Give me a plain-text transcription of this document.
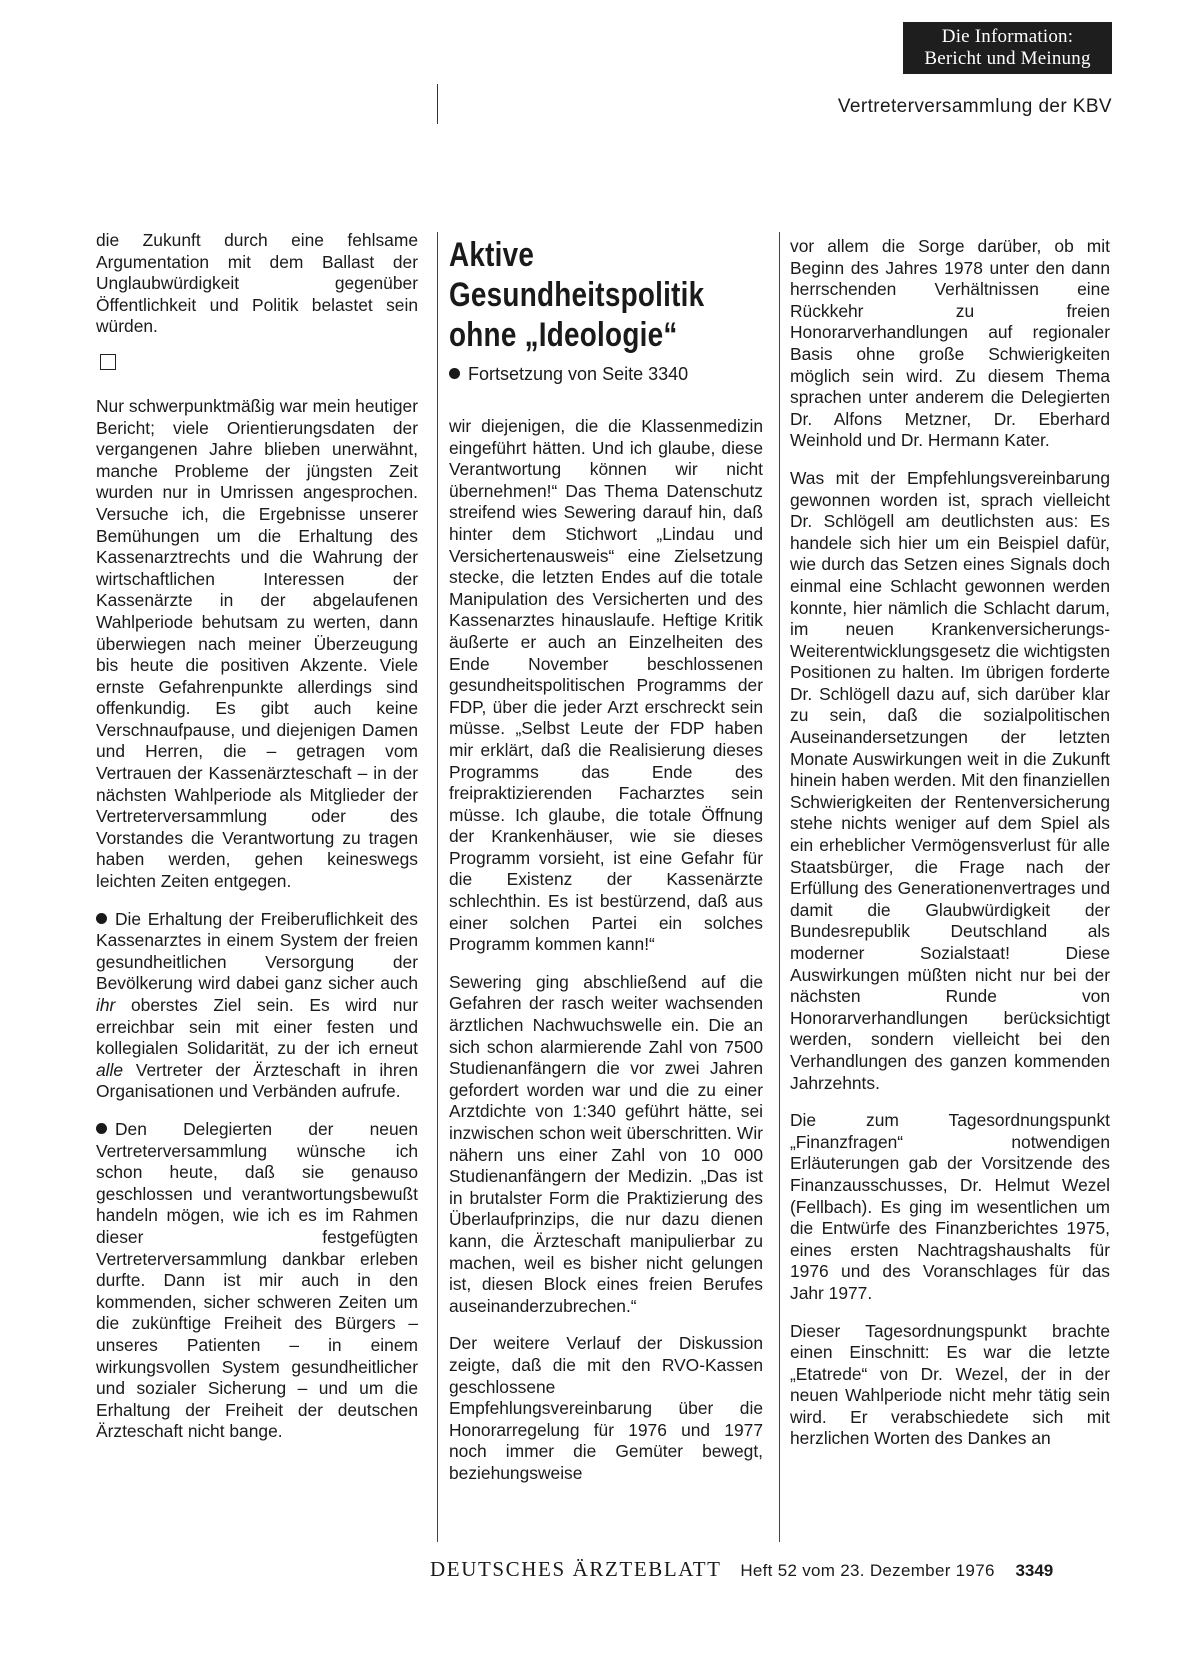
Die Information:
Bericht und Meinung
Vertreterversammlung der KBV

die Zukunft durch eine fehlsame Argumentation mit dem Ballast der Unglaubwürdigkeit gegenüber Öffentlichkeit und Politik belastet sein würden.

Nur schwerpunktmäßig war mein heutiger Bericht; viele Orientierungsdaten der vergangenen Jahre blieben unerwähnt, manche Probleme der jüngsten Zeit wurden nur in Umrissen angesprochen. Versuche ich, die Ergebnisse unserer Bemühungen um die Erhaltung des Kassenarztrechts und die Wahrung der wirtschaftlichen Interessen der Kassenärzte in der abgelaufenen Wahlperiode behutsam zu werten, dann überwiegen nach meiner Überzeugung bis heute die positiven Akzente. Viele ernste Gefahrenpunkte allerdings sind offenkundig. Es gibt auch keine Verschnaufpause, und diejenigen Damen und Herren, die – getragen vom Vertrauen der Kassenärzteschaft – in der nächsten Wahlperiode als Mitglieder der Vertreterversammlung oder des Vorstandes die Verantwortung zu tragen haben werden, gehen keineswegs leichten Zeiten entgegen.

Die Erhaltung der Freiberuflichkeit des Kassenarztes in einem System der freien gesundheitlichen Versorgung der Bevölkerung wird dabei ganz sicher auch ihr oberstes Ziel sein. Es wird nur erreichbar sein mit einer festen und kollegialen Solidarität, zu der ich erneut alle Vertreter der Ärzteschaft in ihren Organisationen und Verbänden aufrufe.

Den Delegierten der neuen Vertreterversammlung wünsche ich schon heute, daß sie genauso geschlossen und verantwortungsbewußt handeln mögen, wie ich es im Rahmen dieser festgefügten Vertreterversammlung dankbar erleben durfte. Dann ist mir auch in den kommenden, sicher schweren Zeiten um die zukünftige Freiheit des Bürgers – unseres Patienten – in einem wirkungsvollen System gesundheitlicher und sozialer Sicherung – und um die Erhaltung der Freiheit der deutschen Ärzteschaft nicht bange.

Aktive
Gesundheitspolitik
ohne „Ideologie“
Fortsetzung von Seite 3340

wir diejenigen, die die Klassenmedizin eingeführt hätten. Und ich glaube, diese Verantwortung können wir nicht übernehmen!“ Das Thema Datenschutz streifend wies Sewering darauf hin, daß hinter dem Stichwort „Lindau und Versichertenausweis“ eine Zielsetzung stecke, die letzten Endes auf die totale Manipulation des Versicherten und des Kassenarztes hinauslaufe. Heftige Kritik äußerte er auch an Einzelheiten des Ende November beschlossenen gesundheitspolitischen Programms der FDP, über die jeder Arzt erschreckt sein müsse. „Selbst Leute der FDP haben mir erklärt, daß die Realisierung dieses Programms das Ende des freipraktizierenden Facharztes sein müsse. Ich glaube, die totale Öffnung der Krankenhäuser, wie sie dieses Programm vorsieht, ist eine Gefahr für die Existenz der Kassenärzte schlechthin. Es ist bestürzend, daß aus einer solchen Partei ein solches Programm kommen kann!“

Sewering ging abschließend auf die Gefahren der rasch weiter wachsenden ärztlichen Nachwuchswelle ein. Die an sich schon alarmierende Zahl von 7500 Studienanfängern die vor zwei Jahren gefordert worden war und die zu einer Arztdichte von 1:340 geführt hätte, sei inzwischen schon weit überschritten. Wir nähern uns einer Zahl von 10 000 Studienanfängern der Medizin. „Das ist in brutalster Form die Praktizierung des Überlaufprinzips, die nur dazu dienen kann, die Ärzteschaft manipulierbar zu machen, weil es bisher nicht gelungen ist, diesen Block eines freien Berufes auseinanderzubrechen.“

Der weitere Verlauf der Diskussion zeigte, daß die mit den RVO-Kassen geschlossene Empfehlungsvereinbarung über die Honorarregelung für 1976 und 1977 noch immer die Gemüter bewegt, beziehungsweise

vor allem die Sorge darüber, ob mit Beginn des Jahres 1978 unter den dann herrschenden Verhältnissen eine Rückkehr zu freien Honorarverhandlungen auf regionaler Basis ohne große Schwierigkeiten möglich sein wird. Zu diesem Thema sprachen unter anderem die Delegierten Dr. Alfons Metzner, Dr. Eberhard Weinhold und Dr. Hermann Kater.

Was mit der Empfehlungsvereinbarung gewonnen worden ist, sprach vielleicht Dr. Schlögell am deutlichsten aus: Es handele sich hier um ein Beispiel dafür, wie durch das Setzen eines Signals doch einmal eine Schlacht gewonnen werden konnte, hier nämlich die Schlacht darum, im neuen Krankenversicherungs-Weiterentwicklungsgesetz die wichtigsten Positionen zu halten. Im übrigen forderte Dr. Schlögell dazu auf, sich darüber klar zu sein, daß die sozialpolitischen Auseinandersetzungen der letzten Monate Auswirkungen weit in die Zukunft hinein haben werden. Mit den finanziellen Schwierigkeiten der Rentenversicherung stehe nichts weniger auf dem Spiel als ein erheblicher Vermögensverlust für alle Staatsbürger, die Frage nach der Erfüllung des Generationenvertrages und damit die Glaubwürdigkeit der Bundesrepublik Deutschland als moderner Sozialstaat! Diese Auswirkungen müßten nicht nur bei der nächsten Runde von Honorarverhandlungen berücksichtigt werden, sondern vielleicht bei den Verhandlungen des ganzen kommenden Jahrzehnts.

Die zum Tagesordnungspunkt „Finanzfragen“ notwendigen Erläuterungen gab der Vorsitzende des Finanzausschusses, Dr. Helmut Wezel (Fellbach). Es ging im wesentlichen um die Entwürfe des Finanzberichtes 1975, eines ersten Nachtragshaushalts für 1976 und des Voranschlages für das Jahr 1977.

Dieser Tagesordnungspunkt brachte einen Einschnitt: Es war die letzte „Etatrede“ von Dr. Wezel, der in der neuen Wahlperiode nicht mehr tätig sein wird. Er verabschiedete sich mit herzlichen Worten des Dankes an

DEUTSCHES ÄRZTEBLATT Heft 52 vom 23. Dezember 1976 3349
